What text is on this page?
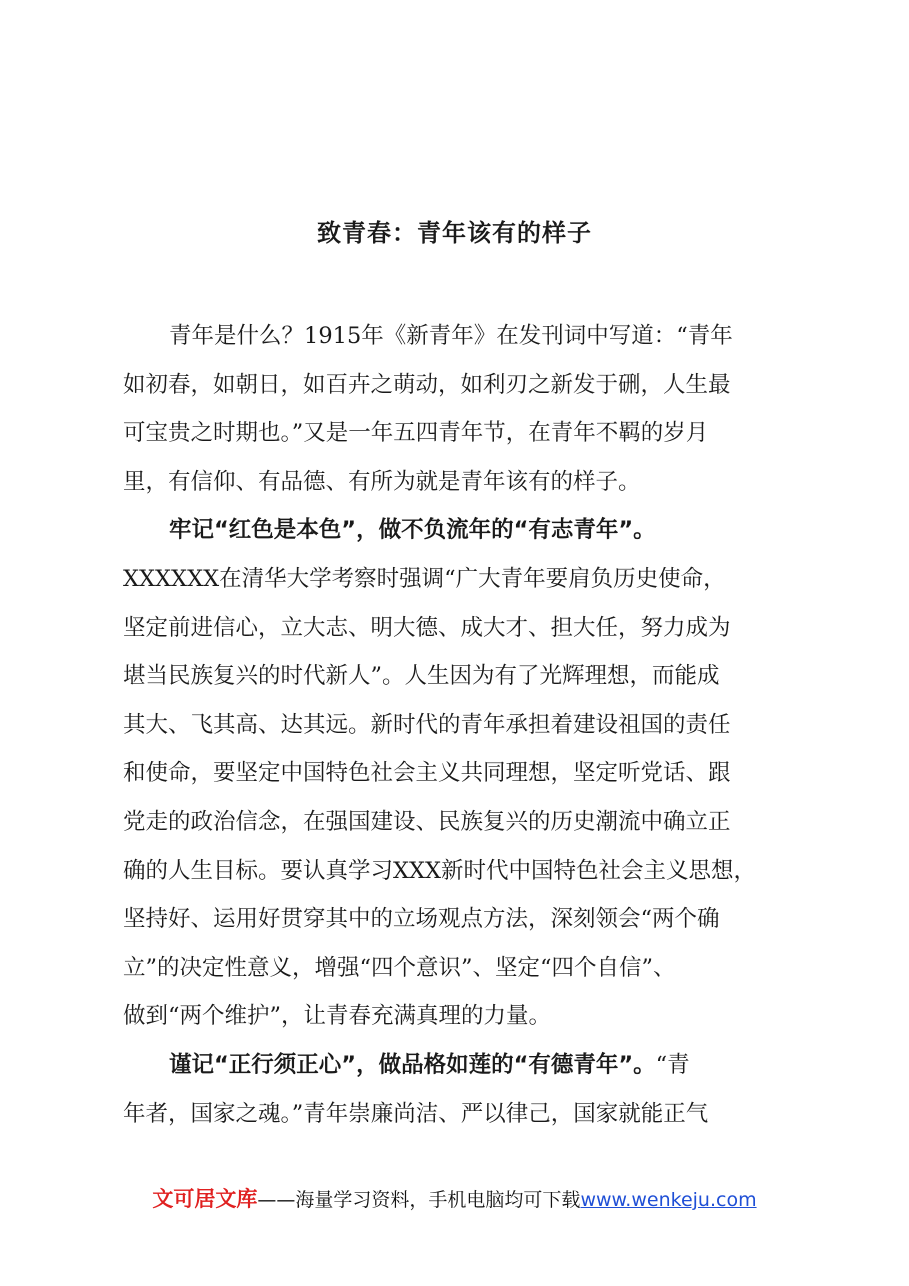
致青春：青年该有的样子
青年是什么？1915年《新青年》在发刊词中写道：“青年
如初春，如朝日，如百卉之萌动，如利刃之新发于硎，人生最
可宝贵之时期也。”又是一年五四青年节，在青年不羁的岁月
里，有信仰、有品德、有所为就是青年该有的样子。
牢记“红色是本色”，做不负流年的“有志青年”。
XXXXXX在清华大学考察时强调“广大青年要肩负历史使命，
坚定前进信心，立大志、明大德、成大才、担大任，努力成为
堪当民族复兴的时代新人”。人生因为有了光辉理想，而能成
其大、飞其高、达其远。新时代的青年承担着建设祖国的责任
和使命，要坚定中国特色社会主义共同理想，坚定听党话、跟
党走的政治信念，在强国建设、民族复兴的历史潮流中确立正
确的人生目标。要认真学习XXX新时代中国特色社会主义思想，
坚持好、运用好贯穿其中的立场观点方法，深刻领会“两个确
立”的决定性意义，增强“四个意识”、坚定“四个自信”、
做到“两个维护”，让青春充满真理的力量。
谨记“正行须正心”，做品格如莲的“有德青年”。“青
年者，国家之魂。”青年崇廉尚洁、严以律己，国家就能正气
文可居文库——海量学习资料，手机电脑均可下载www.wenkeju.com
